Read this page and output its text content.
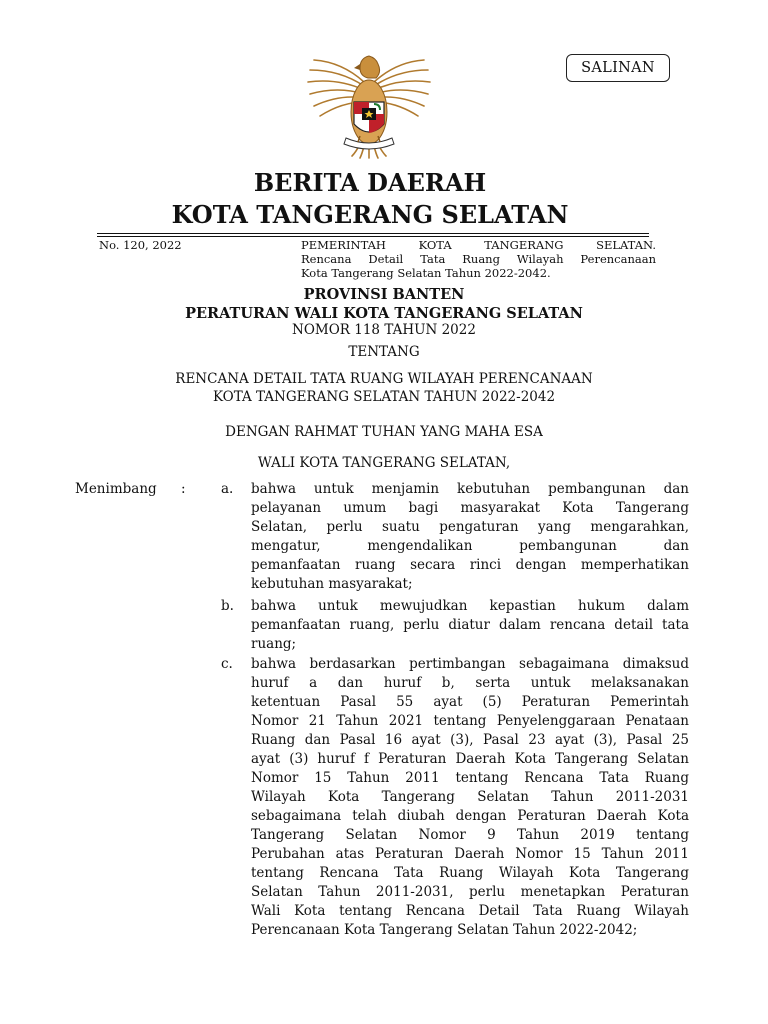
SALINAN
BERITA DAERAH
KOTA TANGERANG SELATAN
No. 120, 2022	PEMERINTAH KOTA TANGERANG SELATAN.
Rencana Detail Tata Ruang Wilayah Perencanaan
Kota Tangerang Selatan Tahun 2022-2042.
PROVINSI BANTEN
PERATURAN WALI KOTA TANGERANG SELATAN
NOMOR 118 TAHUN 2022
TENTANG
RENCANA DETAIL TATA RUANG WILAYAH PERENCANAAN
KOTA TANGERANG SELATAN TAHUN 2022-2042
DENGAN RAHMAT TUHAN YANG MAHA ESA
WALI KOTA TANGERANG SELATAN,
Menimbang :	a. bahwa untuk menjamin kebutuhan pembangunan dan
pelayanan umum bagi masyarakat Kota Tangerang
Selatan, perlu suatu pengaturan yang mengarahkan,
mengatur, mengendalikan pembangunan dan
pemanfaatan ruang secara rinci dengan memperhatikan
kebutuhan masyarakat;
b. bahwa untuk mewujudkan kepastian hukum dalam
pemanfaatan ruang, perlu diatur dalam rencana detail tata
ruang;
c. bahwa berdasarkan pertimbangan sebagaimana dimaksud
huruf a dan huruf b, serta untuk melaksanakan
ketentuan Pasal 55 ayat (5) Peraturan Pemerintah
Nomor 21 Tahun 2021 tentang Penyelenggaraan Penataan
Ruang dan Pasal 16 ayat (3), Pasal 23 ayat (3), Pasal 25
ayat (3) huruf f Peraturan Daerah Kota Tangerang Selatan
Nomor 15 Tahun 2011 tentang Rencana Tata Ruang
Wilayah Kota Tangerang Selatan Tahun 2011-2031
sebagaimana telah diubah dengan Peraturan Daerah Kota
Tangerang Selatan Nomor 9 Tahun 2019 tentang
Perubahan atas Peraturan Daerah Nomor 15 Tahun 2011
tentang Rencana Tata Ruang Wilayah Kota Tangerang
Selatan Tahun 2011-2031, perlu menetapkan Peraturan
Wali Kota tentang Rencana Detail Tata Ruang Wilayah
Perencanaan Kota Tangerang Selatan Tahun 2022-2042;
